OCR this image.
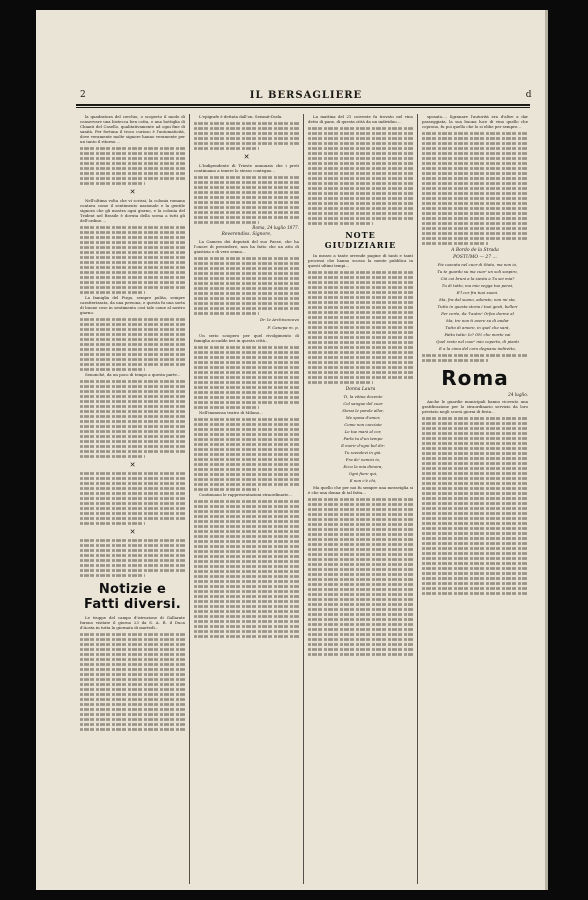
2	IL BERSAGLIERE	d

la quadratura del cerchio, o scoperto il modo di conservare una bistecca ben cotta, e una bottiglia di Chianti del Casello, qualitativamente ad ogni fine di sanità. Per fortuna il troco curioso è l'automaticità, dove veramente molte signore hanno veramente per un tanto il ritorno....

✕

Nell'ultima volta che vi scrissi, la colonia romana contava come il sentimento nazionale e la gentile signora che gli mostra ogni giorno, e la colonia del Trident nel Brasile è dovuta della scena a tutti gli dell'ordine....

La famiglia del Pirgo, sempre pulita, sempre caratterizzata, da una persona, e questa fu una sorta di buone cose in sentimento così tale come al nostro giorno.

Senonché, da un poco di tempo a questa parte...

✕
✕
Notizie e Fatti diversi.

Le truppe del campo d'istruzione di Gallarate furono visitate il giorno 23 da S. A. R. il Duca d'Aosta in tutta la giornata di martedì...

L'epigrafe è dettata dall'on. Seismit-Doda.

✕

L'Indipendente di Trieste annunzia che i preti continuano a tenere lo stesso contegno...

Roma, 24 luglio 1877.
Reverendiss. Signore,

La Camera dei deputati del suo Paese, che ha l'onore di presiedere, non ha fatto che un atto di giustizia e di vero senno...

Dr. le Archivescovo
F. Canepa m. p.

Un serio sciopero per quel rivolgimento di famiglia accadde ieri in questa città...

Nell'immenso teatro di Milano...

Continuano le rappresentazioni straordinarie...

La mattina del 21 corrente fu trovato nel vino detto di pane, di questa città da un individuo....

NOTE GIUDIZIARIE

In mezzo a tante orrende pagine di tanti e tanti processi che hanno scosso la mente pubblica in questi ultimi tempi...

Donna Laura

Ti, la vitina docente

Col sangue del cuor

Stessi le parole allor,

Me sposa d'amor,

Come non cacciate

Le tue mani al cor,

Parla tu d'un tempo

E morir d'ogni bel dir:

Tu scendevi in giù.

Fra de' nemici io,

Ecco la mia dimora,

Ogni fiore qui,

E non c'è chi,

Ma quello che per noi fu sempre una meraviglia si è che una donna di tal fatta...

sposato.... Sgranare l'autorità era d'altre a dar passeggiata, la sua buona luce di vino quello che coprono, fu poi quello che lo si ebbe per sempre...

A Bordo de la Strada
POSTUMO — 27 ...

Pie cascata nel cuor di Stato, ma non io,

Tu te guardo su ma cuor' un soli sospiro,

Ciò coi bruni a la siesta a Tu sei mia?

Tu di tutto, ma mio vegga tuo pensi,

E'l cor fra tuoi suoni.

Ma, fra dal suono, adorato, non mi sta,

Tutto in questa storia i tuoi gesti, belleri

Per certo, da 'l'autre' Orfeo dorme al

Ma, tre non ti avere su di andar

Tutto di amore, in quel che sarà,

Fattu tutte: lo? Oh! che morte vai

Quel resto nel cuor' mio coperto, di pianti

E a la cima del coro degnano indiretto,

Roma
24 luglio.

Anche le guardie municipali hanno ricevuto una gratificazione per lo straordinario servizio da loro prestato negli scorsi giorni di festa...
